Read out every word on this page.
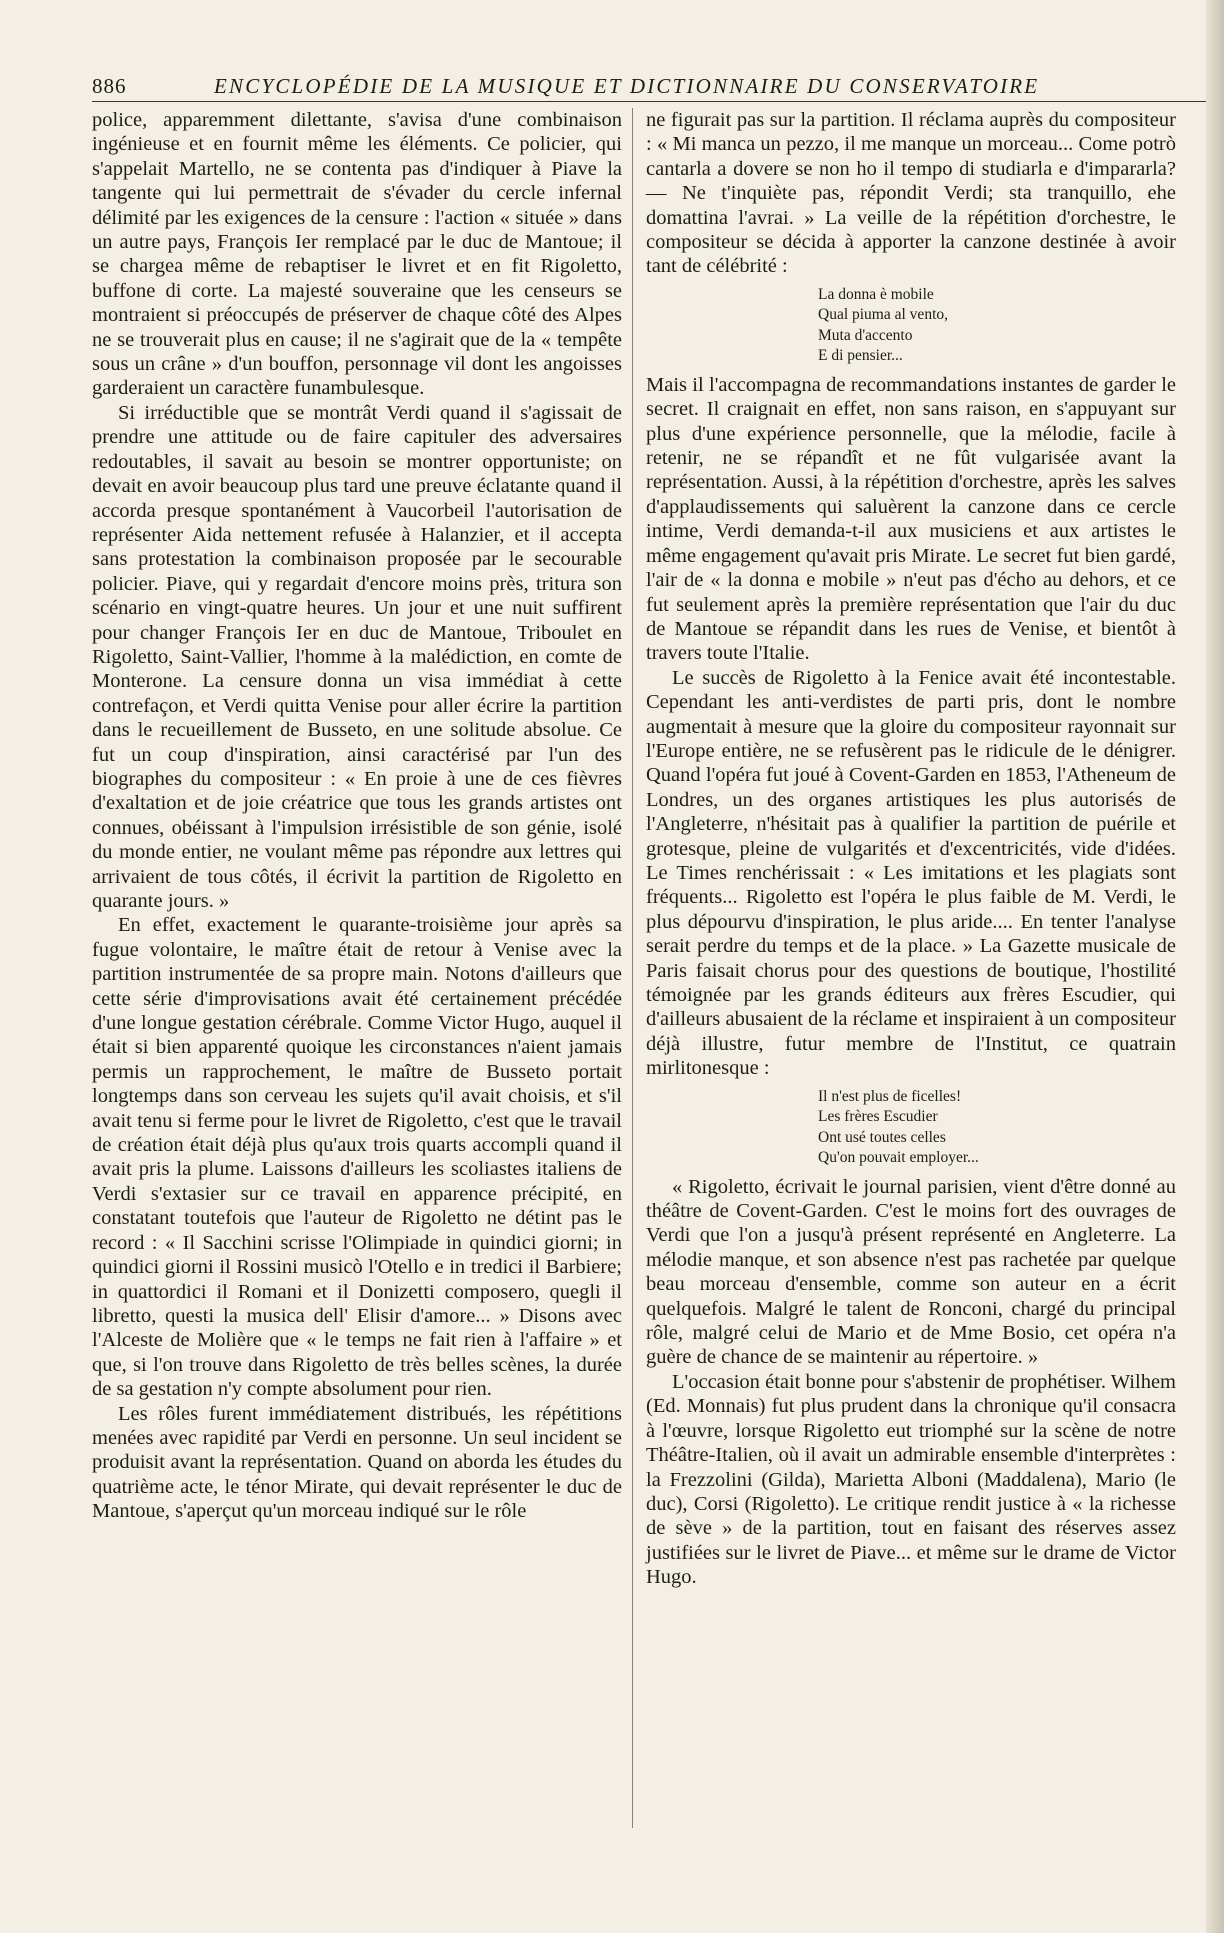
886	ENCYCLOPÉDIE DE LA MUSIQUE ET DICTIONNAIRE DU CONSERVATOIRE

police, apparemment dilettante, s'avisa d'une combinaison ingénieuse et en fournit même les éléments. Ce policier, qui s'appelait Martello, ne se contenta pas d'indiquer à Piave la tangente qui lui permettrait de s'évader du cercle infernal délimité par les exigences de la censure : l'action « située » dans un autre pays, François Ier remplacé par le duc de Mantoue; il se chargea même de rebaptiser le livret et en fit Rigoletto, buffone di corte. La majesté souveraine que les censeurs se montraient si préoccupés de préserver de chaque côté des Alpes ne se trouverait plus en cause; il ne s'agirait que de la « tempête sous un crâne » d'un bouffon, personnage vil dont les angoisses garderaient un caractère funambulesque.

Si irréductible que se montrât Verdi quand il s'agissait de prendre une attitude ou de faire capituler des adversaires redoutables, il savait au besoin se montrer opportuniste; on devait en avoir beaucoup plus tard une preuve éclatante quand il accorda presque spontanément à Vaucorbeil l'autorisation de représenter Aida nettement refusée à Halanzier, et il accepta sans protestation la combinaison proposée par le secourable policier. Piave, qui y regardait d'encore moins près, tritura son scénario en vingt-quatre heures. Un jour et une nuit suffirent pour changer François Ier en duc de Mantoue, Triboulet en Rigoletto, Saint-Vallier, l'homme à la malédiction, en comte de Monterone. La censure donna un visa immédiat à cette contrefaçon, et Verdi quitta Venise pour aller écrire la partition dans le recueillement de Busseto, en une solitude absolue. Ce fut un coup d'inspiration, ainsi caractérisé par l'un des biographes du compositeur : « En proie à une de ces fièvres d'exaltation et de joie créatrice que tous les grands artistes ont connues, obéissant à l'impulsion irrésistible de son génie, isolé du monde entier, ne voulant même pas répondre aux lettres qui arrivaient de tous côtés, il écrivit la partition de Rigoletto en quarante jours. »

En effet, exactement le quarante-troisième jour après sa fugue volontaire, le maître était de retour à Venise avec la partition instrumentée de sa propre main. Notons d'ailleurs que cette série d'improvisations avait été certainement précédée d'une longue gestation cérébrale. Comme Victor Hugo, auquel il était si bien apparenté quoique les circonstances n'aient jamais permis un rapprochement, le maître de Busseto portait longtemps dans son cerveau les sujets qu'il avait choisis, et s'il avait tenu si ferme pour le livret de Rigoletto, c'est que le travail de création était déjà plus qu'aux trois quarts accompli quand il avait pris la plume. Laissons d'ailleurs les scoliastes italiens de Verdi s'extasier sur ce travail en apparence précipité, en constatant toutefois que l'auteur de Rigoletto ne détint pas le record : « Il Sacchini scrisse l'Olimpiade in quindici giorni; in quindici giorni il Rossini musicò l'Otello e in tredici il Barbiere; in quattordici il Romani et il Donizetti composero, quegli il libretto, questi la musica dell' Elisir d'amore... » Disons avec l'Alceste de Molière que « le temps ne fait rien à l'affaire » et que, si l'on trouve dans Rigoletto de très belles scènes, la durée de sa gestation n'y compte absolument pour rien.

Les rôles furent immédiatement distribués, les répétitions menées avec rapidité par Verdi en personne. Un seul incident se produisit avant la représentation. Quand on aborda les études du quatrième acte, le ténor Mirate, qui devait représenter le duc de Mantoue, s'aperçut qu'un morceau indiqué sur le rôle

ne figurait pas sur la partition. Il réclama auprès du compositeur : « Mi manca un pezzo, il me manque un morceau... Come potrò cantarla a dovere se non ho il tempo di studiarla e d'impararla? — Ne t'inquiète pas, répondit Verdi; sta tranquillo, ehe domattina l'avrai. » La veille de la répétition d'orchestre, le compositeur se décida à apporter la canzone destinée à avoir tant de célébrité :

La donna è mobile
Qual piuma al vento,
Muta d'accento
E di pensier...

Mais il l'accompagna de recommandations instantes de garder le secret. Il craignait en effet, non sans raison, en s'appuyant sur plus d'une expérience personnelle, que la mélodie, facile à retenir, ne se répandît et ne fût vulgarisée avant la représentation. Aussi, à la répétition d'orchestre, après les salves d'applaudissements qui saluèrent la canzone dans ce cercle intime, Verdi demanda-t-il aux musiciens et aux artistes le même engagement qu'avait pris Mirate. Le secret fut bien gardé, l'air de « la donna e mobile » n'eut pas d'écho au dehors, et ce fut seulement après la première représentation que l'air du duc de Mantoue se répandit dans les rues de Venise, et bientôt à travers toute l'Italie.

Le succès de Rigoletto à la Fenice avait été incontestable. Cependant les anti-verdistes de parti pris, dont le nombre augmentait à mesure que la gloire du compositeur rayonnait sur l'Europe entière, ne se refusèrent pas le ridicule de le dénigrer. Quand l'opéra fut joué à Covent-Garden en 1853, l'Atheneum de Londres, un des organes artistiques les plus autorisés de l'Angleterre, n'hésitait pas à qualifier la partition de puérile et grotesque, pleine de vulgarités et d'excentricités, vide d'idées. Le Times renchérissait : « Les imitations et les plagiats sont fréquents... Rigoletto est l'opéra le plus faible de M. Verdi, le plus dépourvu d'inspiration, le plus aride.... En tenter l'analyse serait perdre du temps et de la place. » La Gazette musicale de Paris faisait chorus pour des questions de boutique, l'hostilité témoignée par les grands éditeurs aux frères Escudier, qui d'ailleurs abusaient de la réclame et inspiraient à un compositeur déjà illustre, futur membre de l'Institut, ce quatrain mirlitonesque :

Il n'est plus de ficelles!
Les frères Escudier
Ont usé toutes celles
Qu'on pouvait employer...

« Rigoletto, écrivait le journal parisien, vient d'être donné au théâtre de Covent-Garden. C'est le moins fort des ouvrages de Verdi que l'on a jusqu'à présent représenté en Angleterre. La mélodie manque, et son absence n'est pas rachetée par quelque beau morceau d'ensemble, comme son auteur en a écrit quelquefois. Malgré le talent de Ronconi, chargé du principal rôle, malgré celui de Mario et de Mme Bosio, cet opéra n'a guère de chance de se maintenir au répertoire. »

L'occasion était bonne pour s'abstenir de prophétiser. Wilhem (Ed. Monnais) fut plus prudent dans la chronique qu'il consacra à l'œuvre, lorsque Rigoletto eut triomphé sur la scène de notre Théâtre-Italien, où il avait un admirable ensemble d'interprètes : la Frezzolini (Gilda), Marietta Alboni (Maddalena), Mario (le duc), Corsi (Rigoletto). Le critique rendit justice à « la richesse de sève » de la partition, tout en faisant des réserves assez justifiées sur le livret de Piave... et même sur le drame de Victor Hugo.
